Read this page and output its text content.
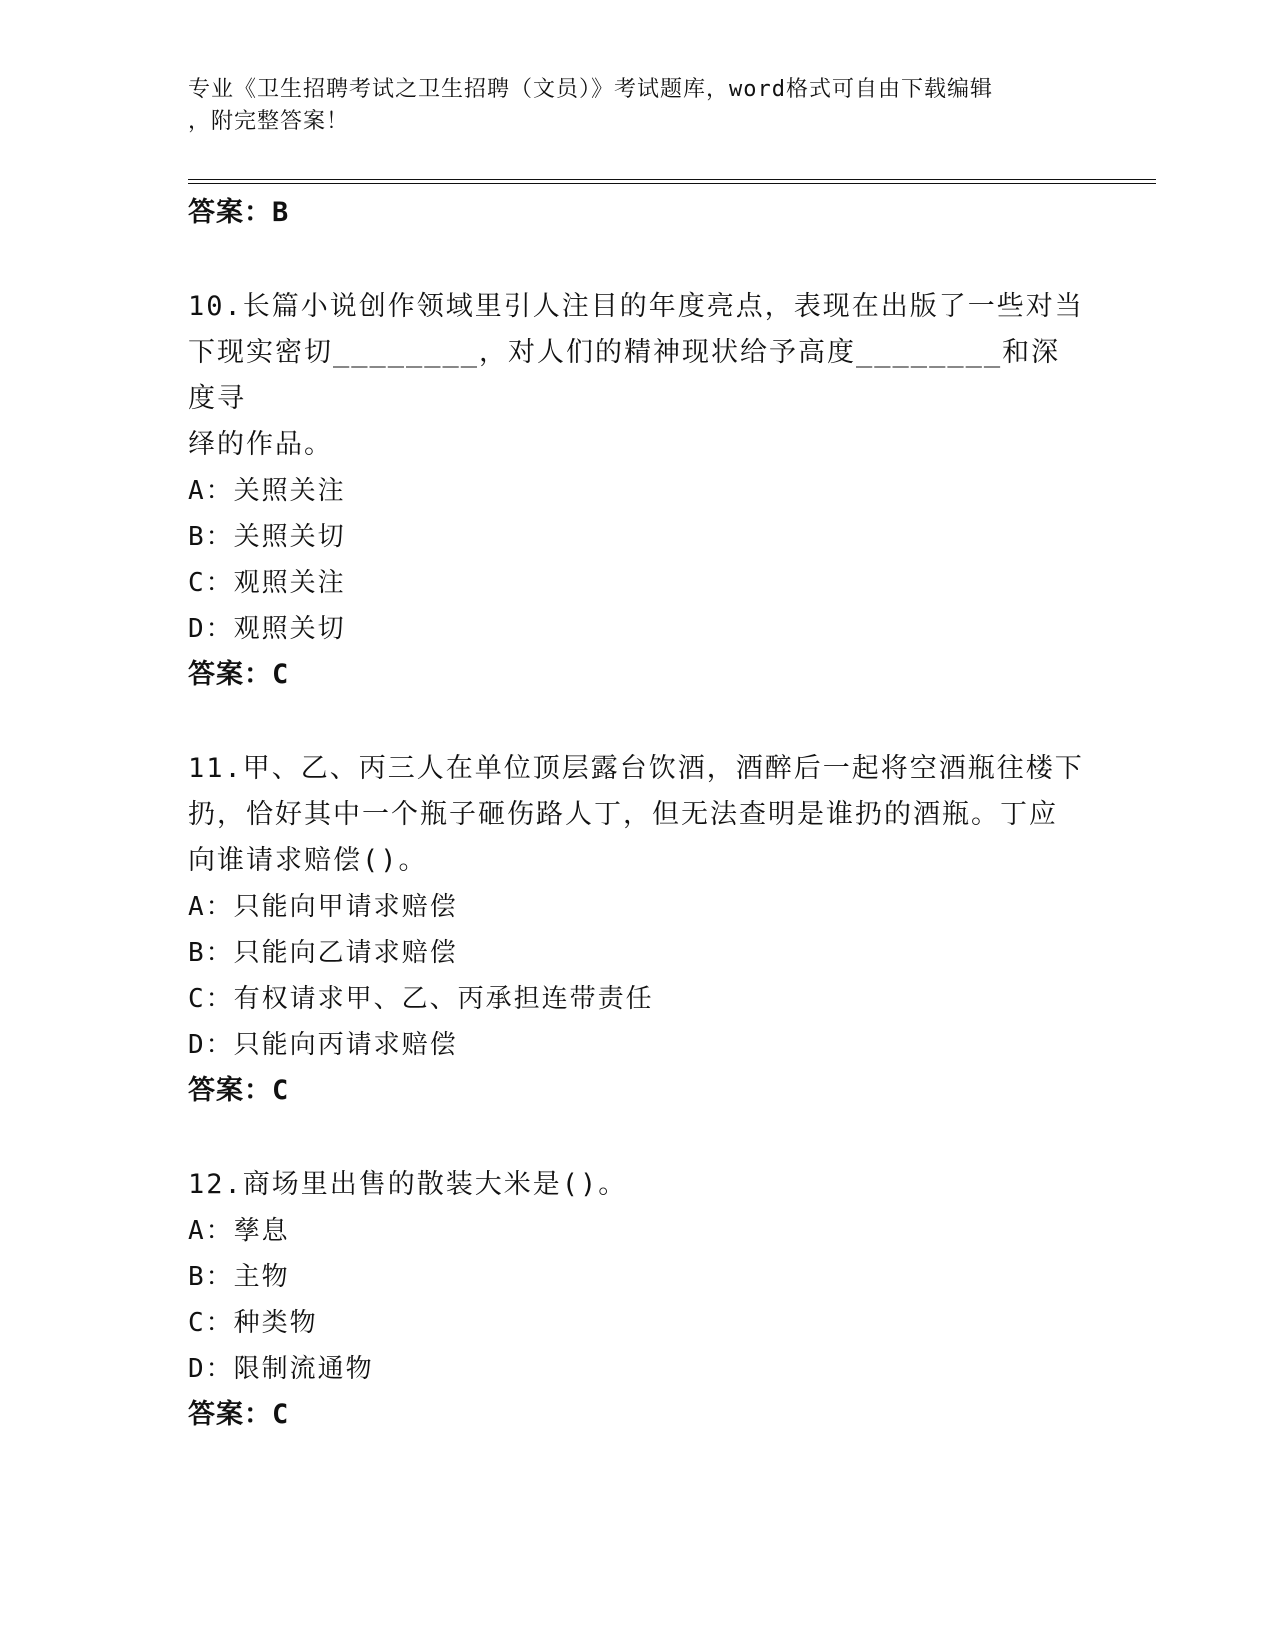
专业《卫生招聘考试之卫生招聘（文员）》考试题库，word格式可自由下载编辑
，附完整答案！
答案：B
10.长篇小说创作领域里引人注目的年度亮点，表现在出版了一些对当
下现实密切________，对人们的精神现状给予高度________和深度寻
绎的作品。
A：关照关注
B：关照关切
C：观照关注
D：观照关切
答案：C
11.甲、乙、丙三人在单位顶层露台饮酒，酒醉后一起将空酒瓶往楼下
扔，恰好其中一个瓶子砸伤路人丁，但无法查明是谁扔的酒瓶。丁应
向谁请求赔偿()。
A：只能向甲请求赔偿
B：只能向乙请求赔偿
C：有权请求甲、乙、丙承担连带责任
D：只能向丙请求赔偿
答案：C
12.商场里出售的散装大米是()。
A：孳息
B：主物
C：种类物
D：限制流通物
答案：C
